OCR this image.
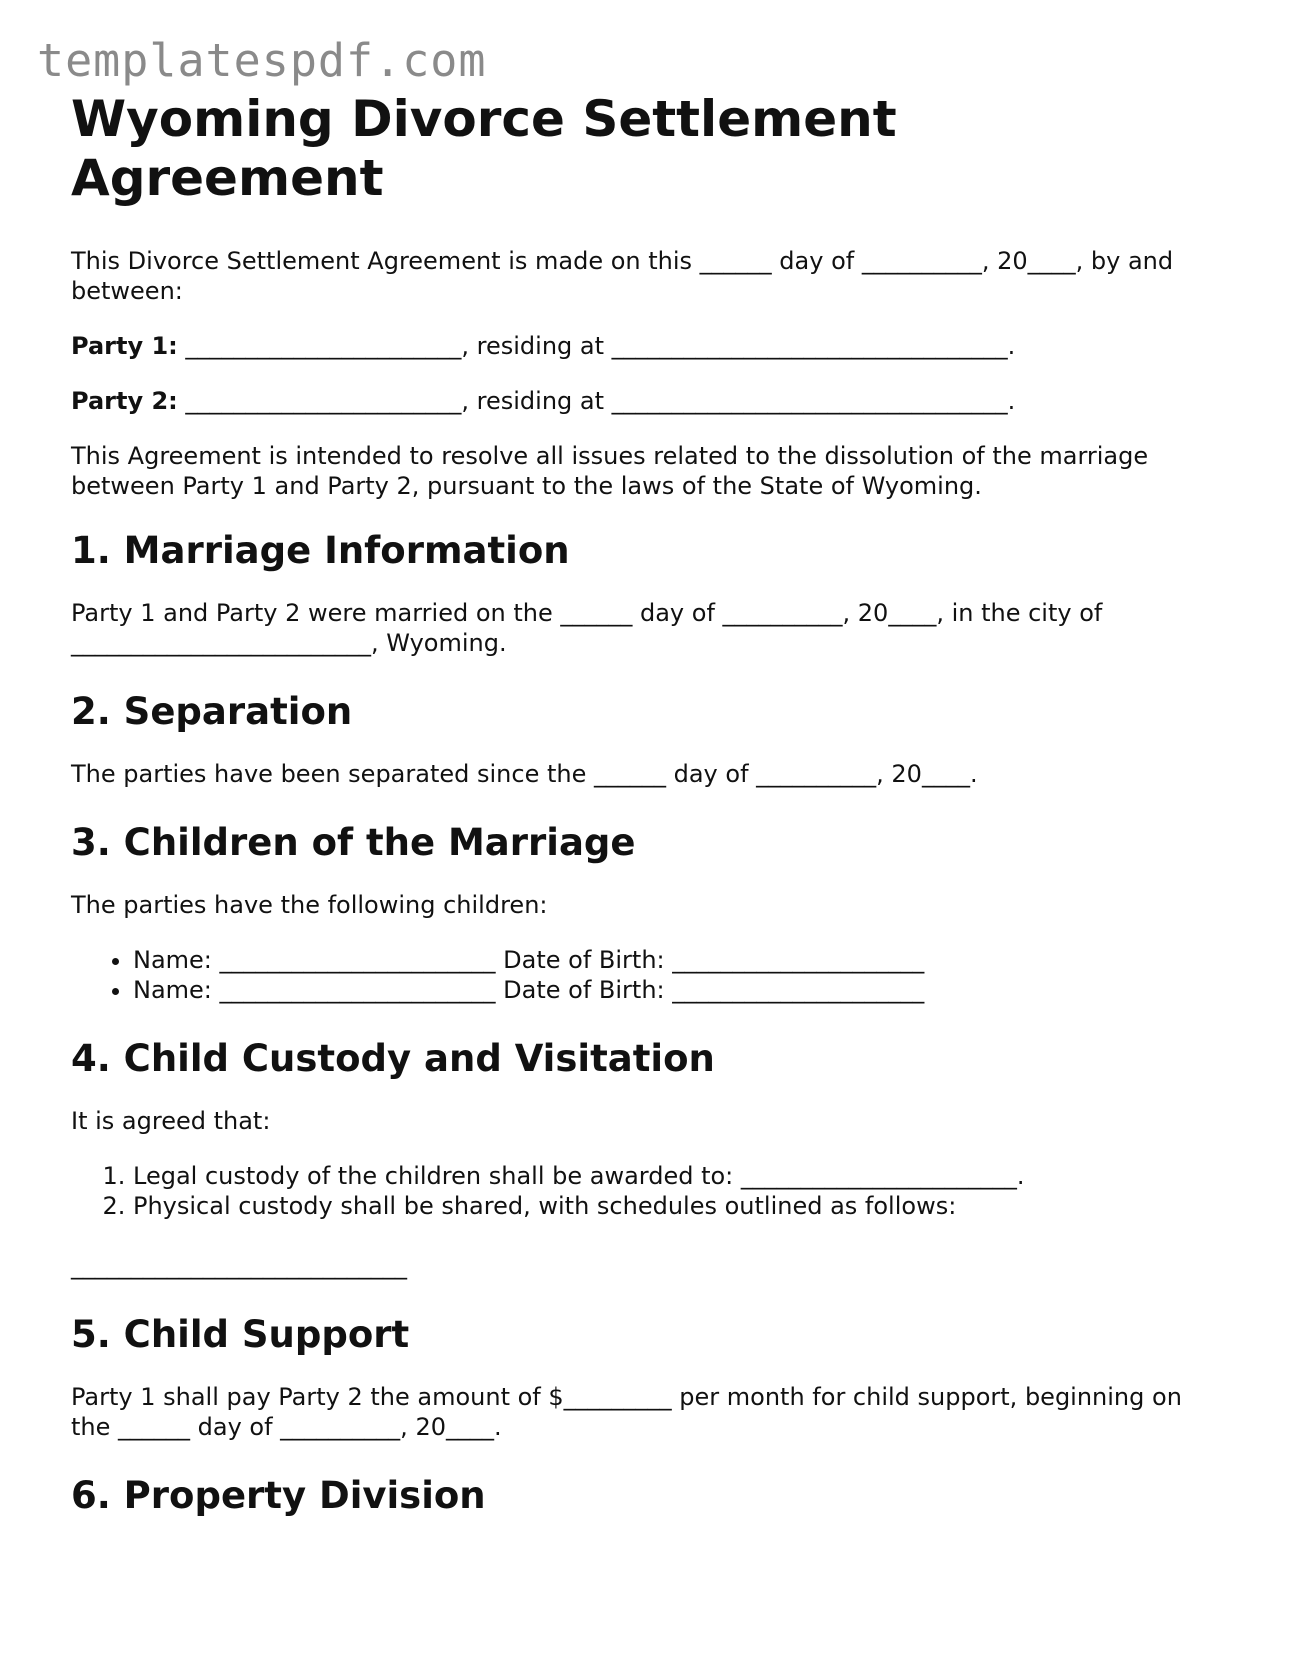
templatespdf.com
Wyoming Divorce Settlement Agreement

This Divorce Settlement Agreement is made on this ______ day of __________, 20____, by and between:

Party 1: _______________________, residing at _________________________________.

Party 2: _______________________, residing at _________________________________.

This Agreement is intended to resolve all issues related to the dissolution of the marriage between Party 1 and Party 2, pursuant to the laws of the State of Wyoming.

1. Marriage Information

Party 1 and Party 2 were married on the ______ day of __________, 20____, in the city of _________________________, Wyoming.

2. Separation

The parties have been separated since the ______ day of __________, 20____.

3. Children of the Marriage

The parties have the following children:

• Name: _______________________ Date of Birth: _____________________
• Name: _______________________ Date of Birth: _____________________
4. Child Custody and Visitation

It is agreed that:

1. Legal custody of the children shall be awarded to: _______________________.
2. Physical custody shall be shared, with schedules outlined as follows:

____________________________

5. Child Support

Party 1 shall pay Party 2 the amount of $_________ per month for child support, beginning on the ______ day of __________, 20____.

6. Property Division
